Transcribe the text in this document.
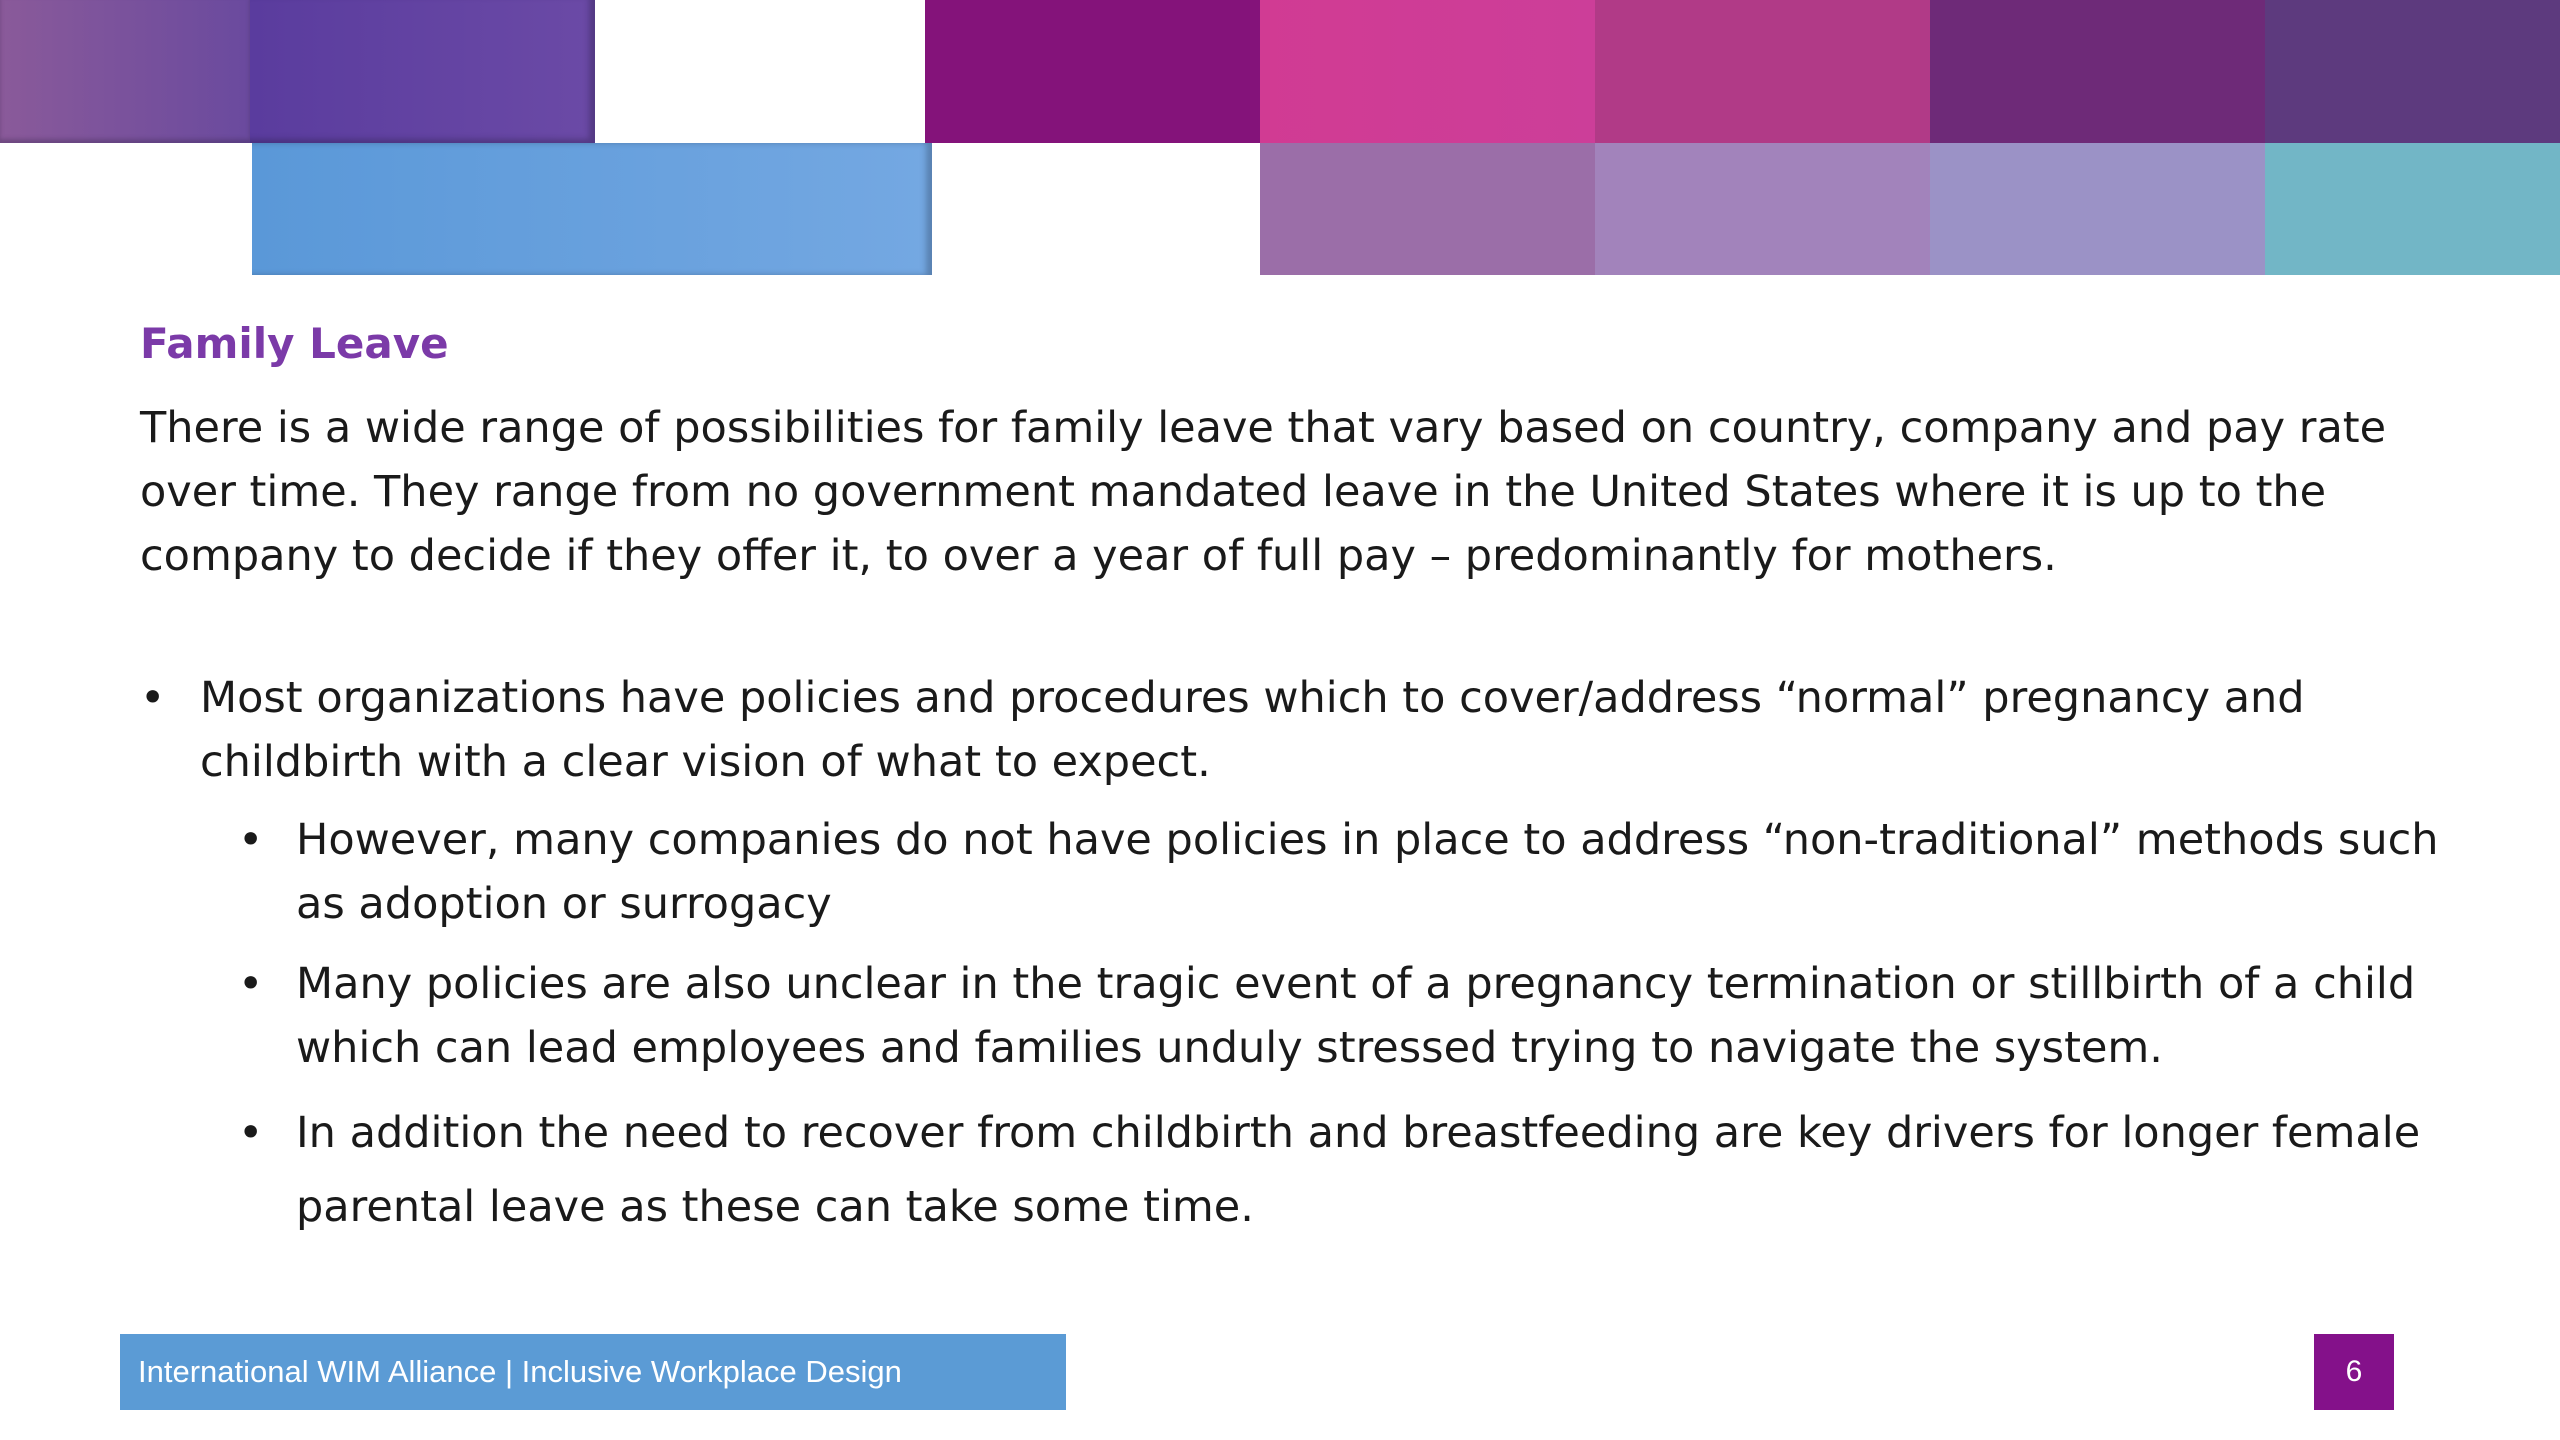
Family Leave

There is a wide range of possibilities for family leave that vary based on country, company and pay rate over time. They range from no government mandated leave in the United States where it is up to the company to decide if they offer it, to over a year of full pay – predominantly for mothers.

• Most organizations have policies and procedures which to cover/address “normal” pregnancy and childbirth with a clear vision of what to expect.
• However, many companies do not have policies in place to address “non-traditional” methods such as adoption or surrogacy
• Many policies are also unclear in the tragic event of a pregnancy termination or stillbirth of a child which can lead employees and families unduly stressed trying to navigate the system.
• In addition the need to recover from childbirth and breastfeeding are key drivers for longer female parental leave as these can take some time.
International WIM Alliance | Inclusive Workplace Design	6
